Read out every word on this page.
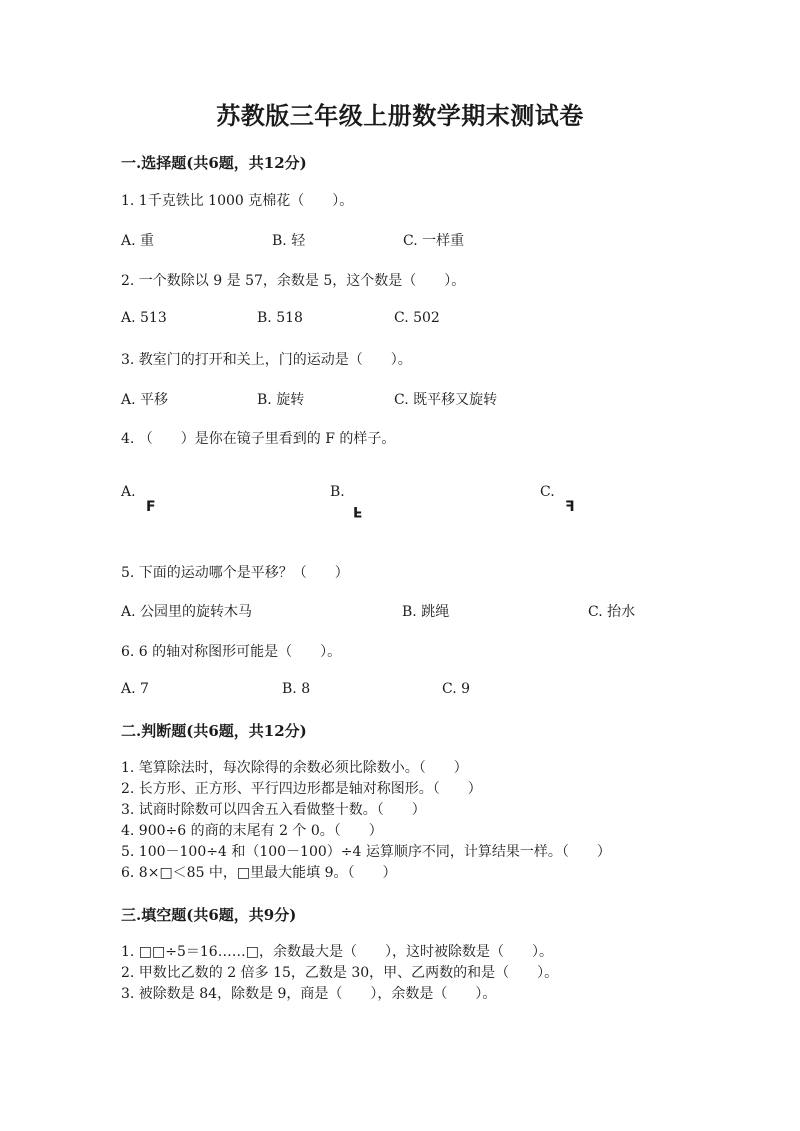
苏教版三年级上册数学期末测试卷
一.选择题(共6题，共12分)
1. 1千克铁比 1000 克棉花（　　）。
A. 重	B. 轻	C. 一样重
2. 一个数除以 9 是 57，余数是 5，这个数是（　　）。
A. 513	B. 518	C. 502
3. 教室门的打开和关上，门的运动是（　　）。
A. 平移	B. 旋转	C. 既平移又旋转
4. （　　）是你在镜子里看到的 F 的样子。
A.
F
B.
F
C.
F
5. 下面的运动哪个是平移？（　　）
A. 公园里的旋转木马	B. 跳绳	C. 抬水
6. 6 的轴对称图形可能是（　　）。
A. 7	B. 8	C. 9
二.判断题(共6题，共12分)
1. 笔算除法时，每次除得的余数必须比除数小。（　　）
2. 长方形、正方形、平行四边形都是轴对称图形。（　　）
3. 试商时除数可以四舍五入看做整十数。（　　）
4. 900÷6 的商的末尾有 2 个 0。（　　）
5. 100－100÷4 和（100－100）÷4 运算顺序不同，计算结果一样。（　　）
6. 8×□＜85 中，□里最大能填 9。（　　）
三.填空题(共6题，共9分)
1. □□÷5＝16……□，余数最大是（　　），这时被除数是（　　）。
2. 甲数比乙数的 2 倍多 15，乙数是 30，甲、乙两数的和是（　　）。
3. 被除数是 84，除数是 9，商是（　　），余数是（　　）。
